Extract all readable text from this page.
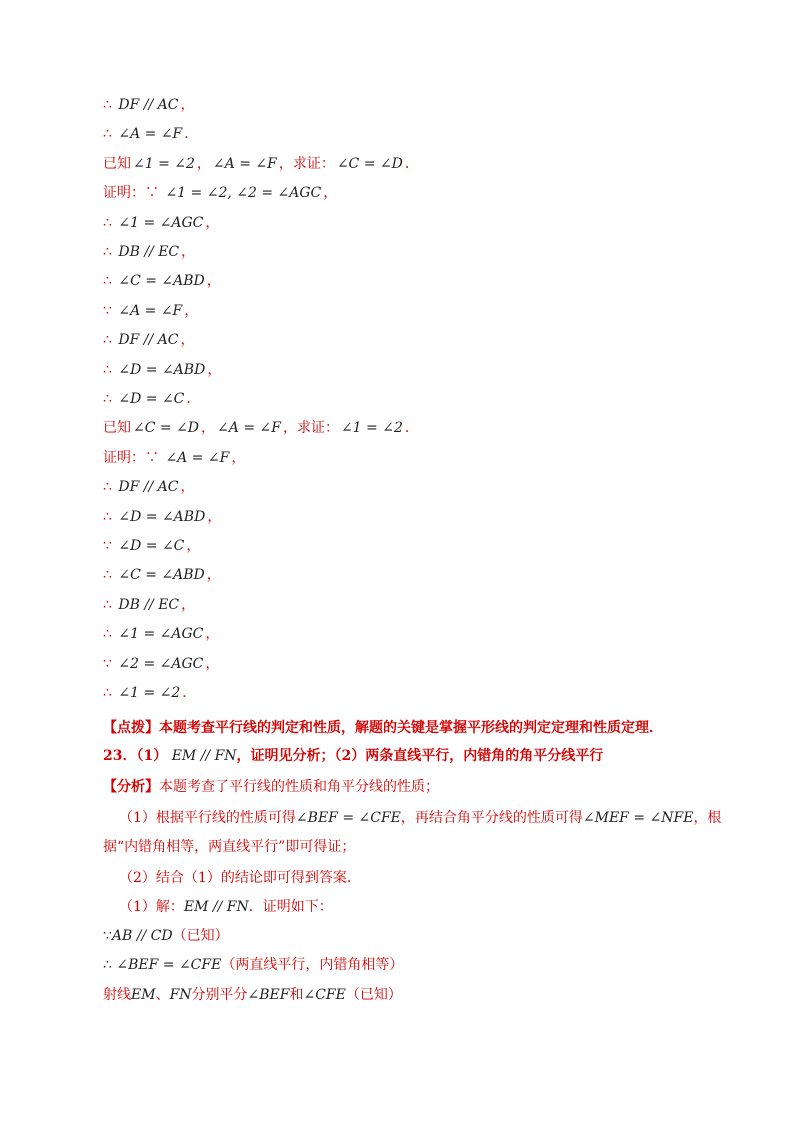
∴ DF // AC ，
∴ ∠A = ∠F ．
已知 ∠1 = ∠2 ， ∠A = ∠F ，求证： ∠C = ∠D ．
证明：∵ ∠1 = ∠2, ∠2 = ∠AGC ，
∴ ∠1 = ∠AGC ，
∴ DB // EC ，
∴ ∠C = ∠ABD ，
∵ ∠A = ∠F ，
∴ DF // AC ，
∴ ∠D = ∠ABD ，
∴ ∠D = ∠C ．
已知 ∠C = ∠D ， ∠A = ∠F ，求证： ∠1 = ∠2 ．
证明：∵ ∠A = ∠F ，
∴ DF // AC ，
∴ ∠D = ∠ABD ，
∵ ∠D = ∠C ，
∴ ∠C = ∠ABD ，
∴ DB // EC ，
∴ ∠1 = ∠AGC ，
∵ ∠2 = ∠AGC ，
∴ ∠1 = ∠2 ．
【点拨】本题考查平行线的判定和性质，解题的关键是掌握平形线的判定定理和性质定理．
23．（1） EM // FN，证明见分析；（2）两条直线平行，内错角的角平分线平行
【分析】本题考查了平行线的性质和角平分线的性质；
（1）根据平行线的性质可得∠BEF = ∠CFE，再结合角平分线的性质可得∠MEF = ∠NFE，根据“内错角相等，两直线平行”即可得证；
（2）结合（1）的结论即可得到答案．
（1）解：EM // FN．证明如下：
∵AB // CD（已知）
∴ ∠BEF = ∠CFE（两直线平行，内错角相等）
射线EM、FN分别平分∠BEF和∠CFE（已知）
